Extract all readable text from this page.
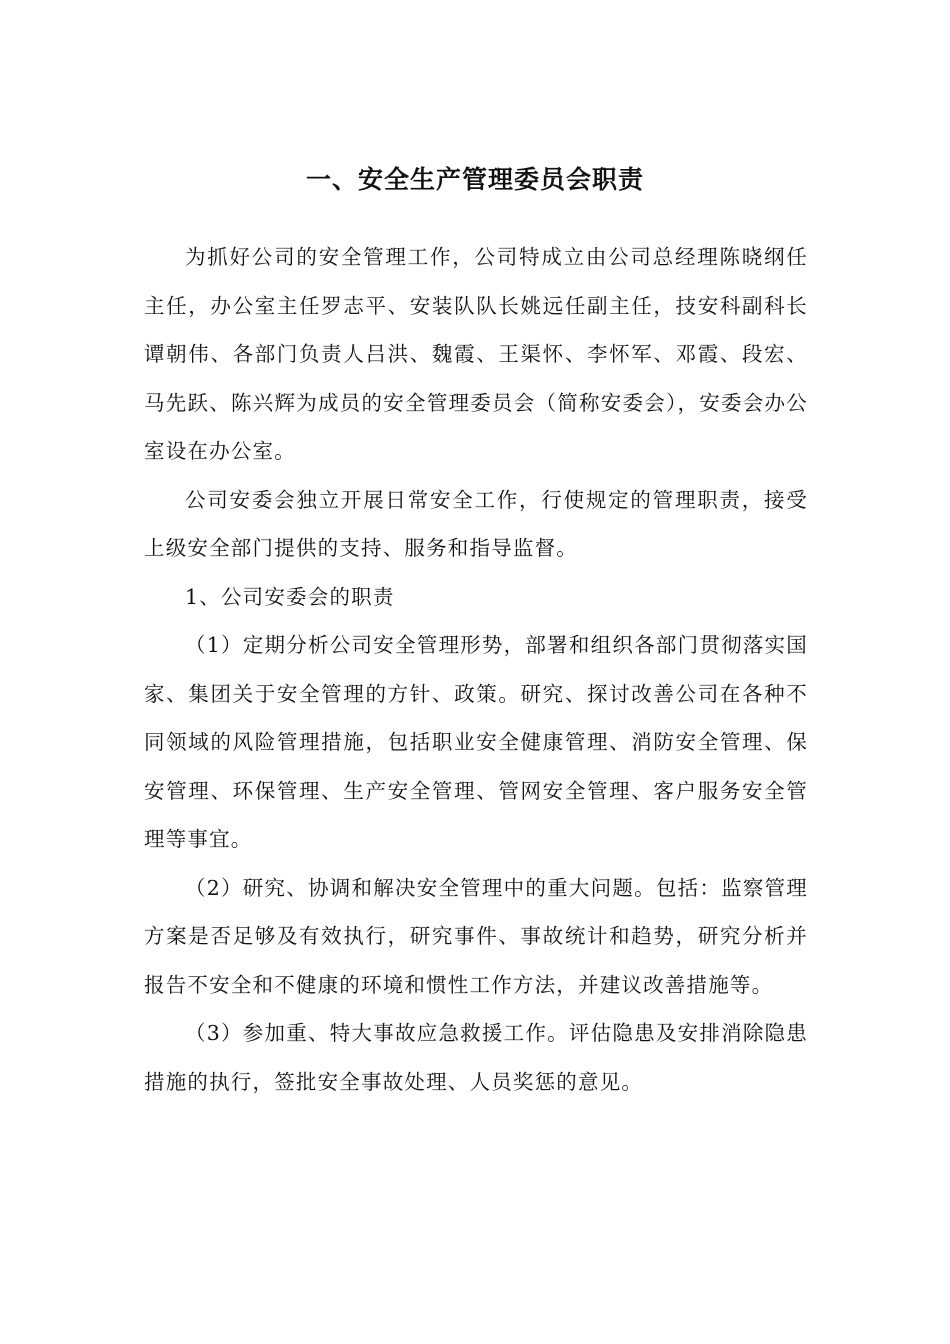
一、安全生产管理委员会职责

为抓好公司的安全管理工作，公司特成立由公司总经理陈晓纲任主任，办公室主任罗志平、安装队队长姚远任副主任，技安科副科长谭朝伟、各部门负责人吕洪、魏霞、王渠怀、李怀军、邓霞、段宏、马先跃、陈兴辉为成员的安全管理委员会（简称安委会），安委会办公室设在办公室。

公司安委会独立开展日常安全工作，行使规定的管理职责，接受上级安全部门提供的支持、服务和指导监督。

1、公司安委会的职责

（1）定期分析公司安全管理形势，部署和组织各部门贯彻落实国家、集团关于安全管理的方针、政策。研究、探讨改善公司在各种不同领域的风险管理措施，包括职业安全健康管理、消防安全管理、保安管理、环保管理、生产安全管理、管网安全管理、客户服务安全管理等事宜。

（2）研究、协调和解决安全管理中的重大问题。包括：监察管理方案是否足够及有效执行，研究事件、事故统计和趋势，研究分析并报告不安全和不健康的环境和惯性工作方法，并建议改善措施等。

（3）参加重、特大事故应急救援工作。评估隐患及安排消除隐患措施的执行，签批安全事故处理、人员奖惩的意见。
